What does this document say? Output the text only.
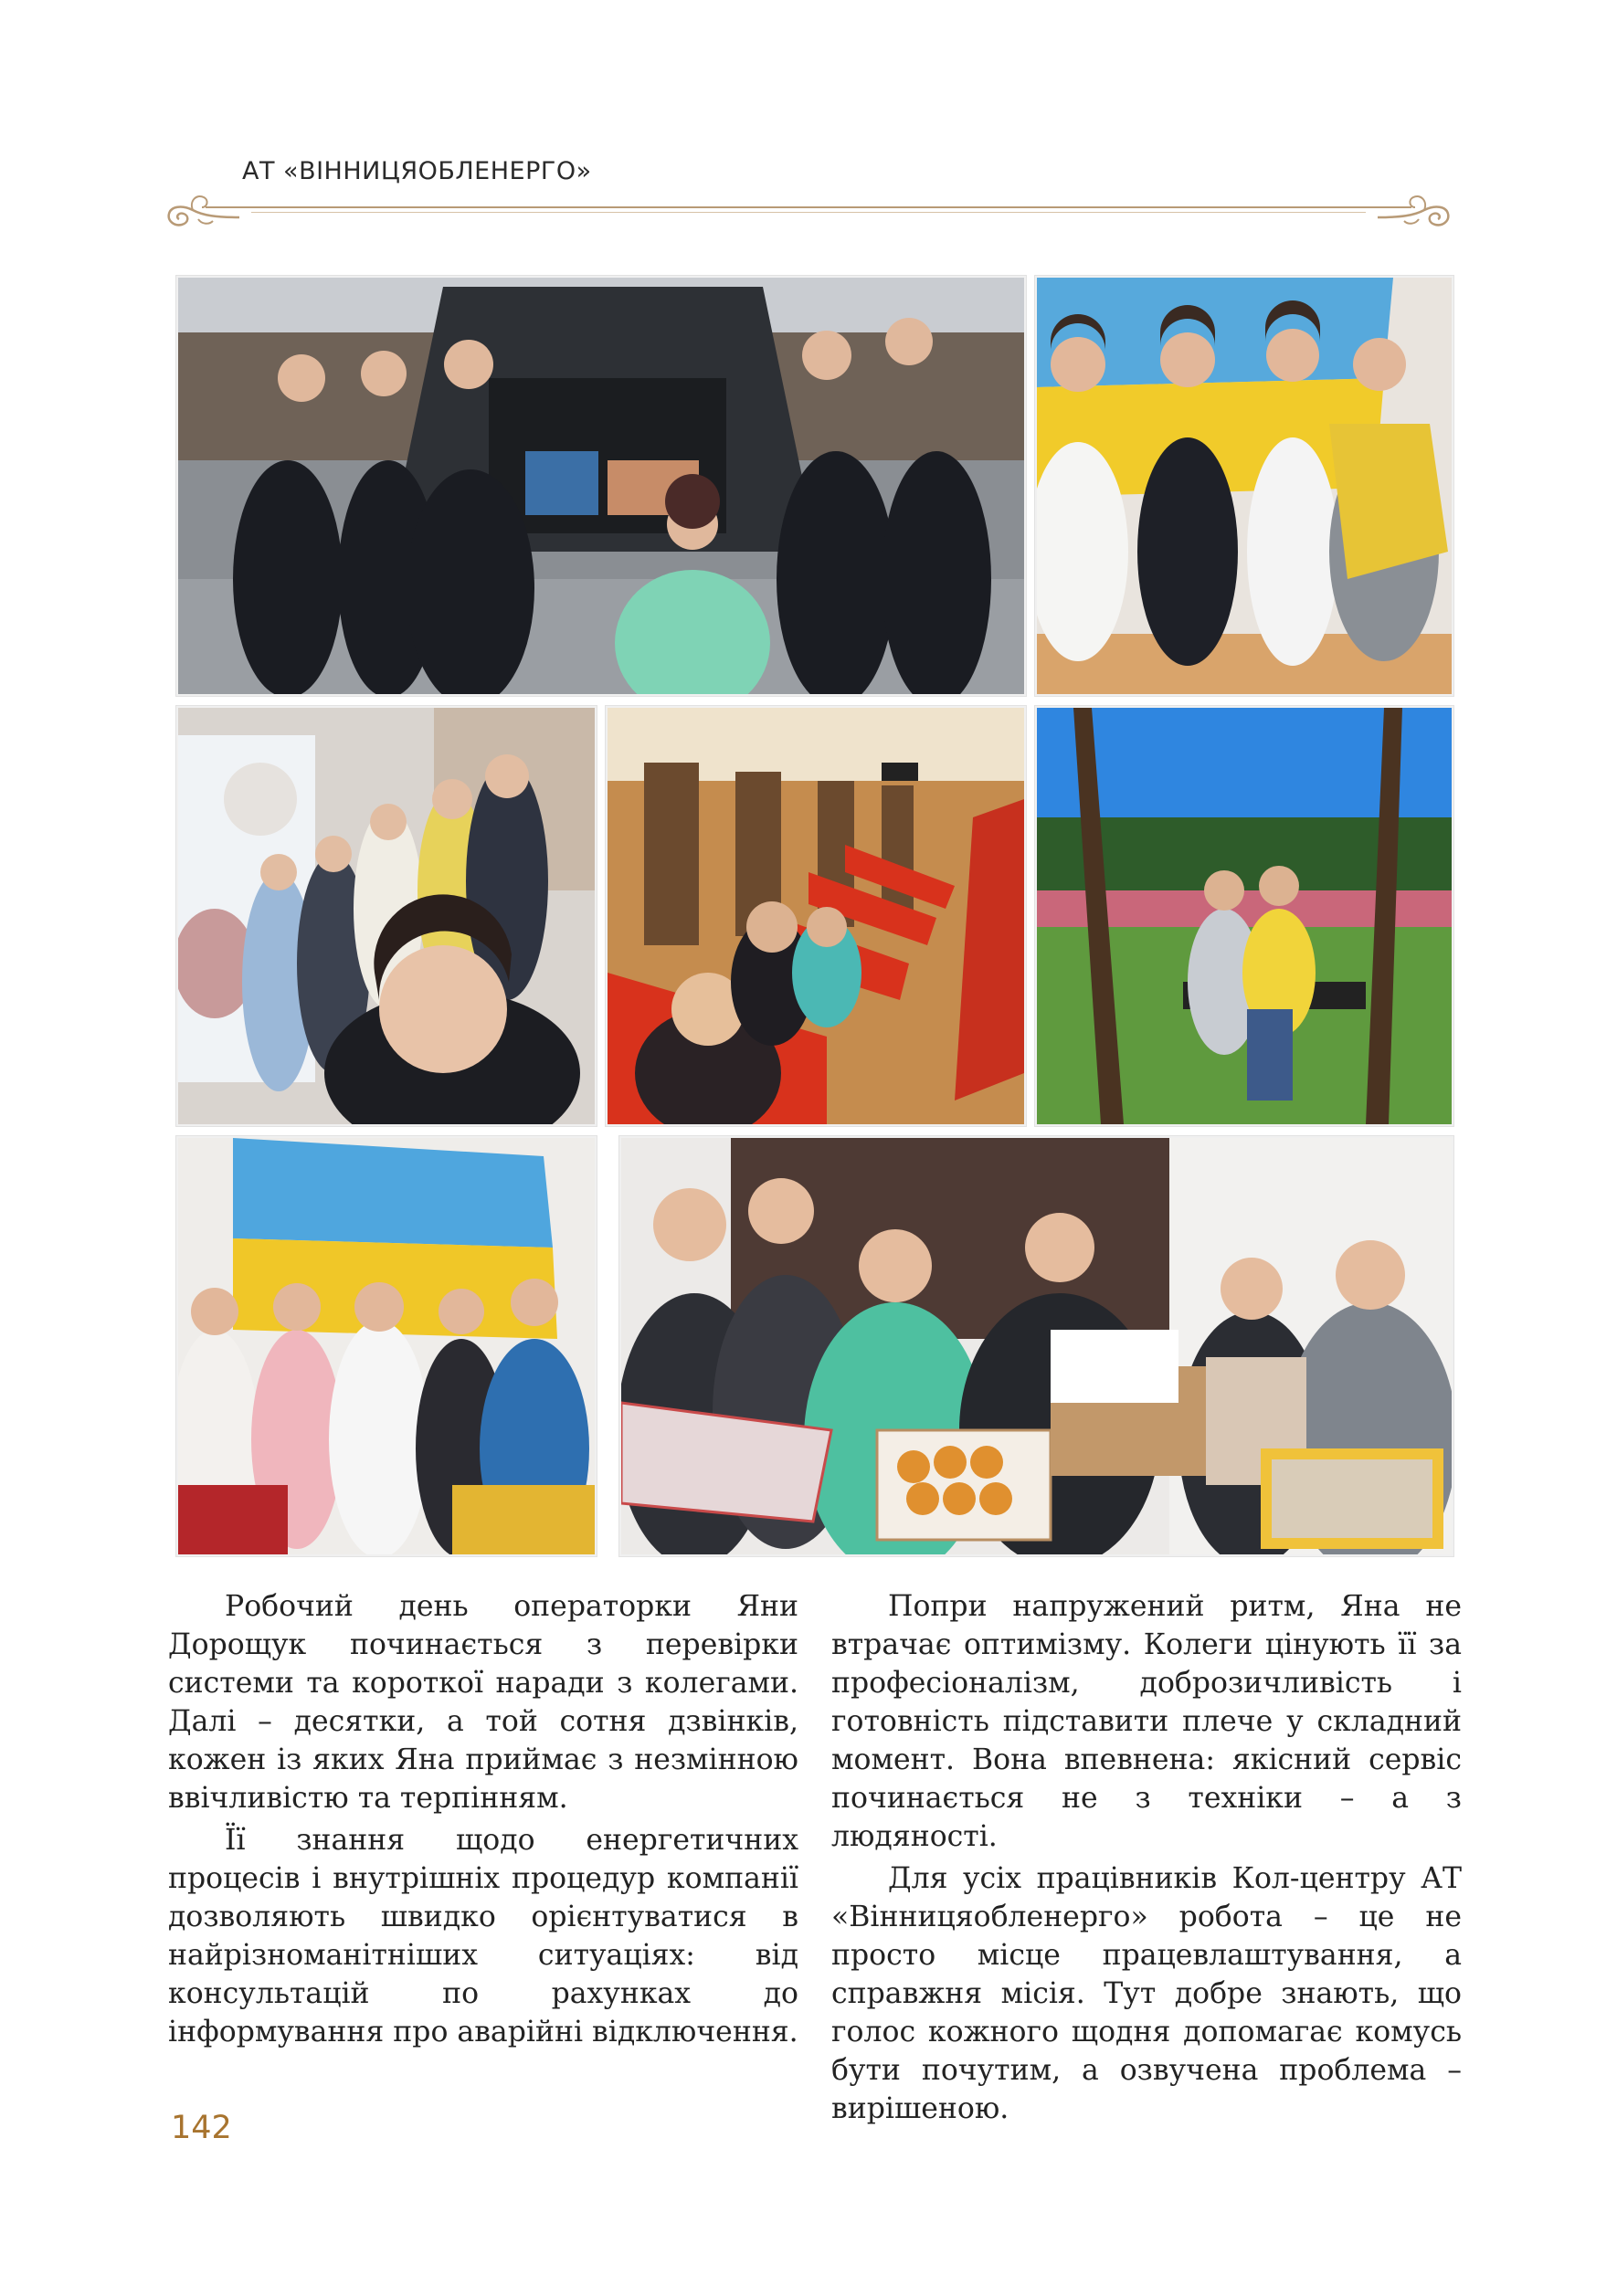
АТ «ВІННИЦЯОБЛЕНЕРГО»

Робочий день операторки Яни Дорощук починається з перевірки системи та короткої наради з колегами. Далі – десятки, а той сотня дзвінків, кожен із яких Яна приймає з незмінною ввічливістю та терпінням.

Її знання щодо енергетичних процесів і внутрішніх процедур компанії дозволяють швидко орієнтуватися в найрізноманітніших ситуаціях: від консультацій по рахунках до інформування про аварійні відключення.

Попри напружений ритм, Яна не втрачає оптимізму. Колеги цінують її за професіоналізм, доброзичливість і готовність підставити плече у складний момент. Вона впевнена: якісний сервіс починається не з техніки – а з людяності.

Для усіх працівників Кол-центру АТ «Вінницяобленерго» робота – це не просто місце працевлаштування, а справжня місія. Тут добре знають, що голос кожного щодня допомагає комусь бути почутим, а озвучена проблема – вирішеною.

142
